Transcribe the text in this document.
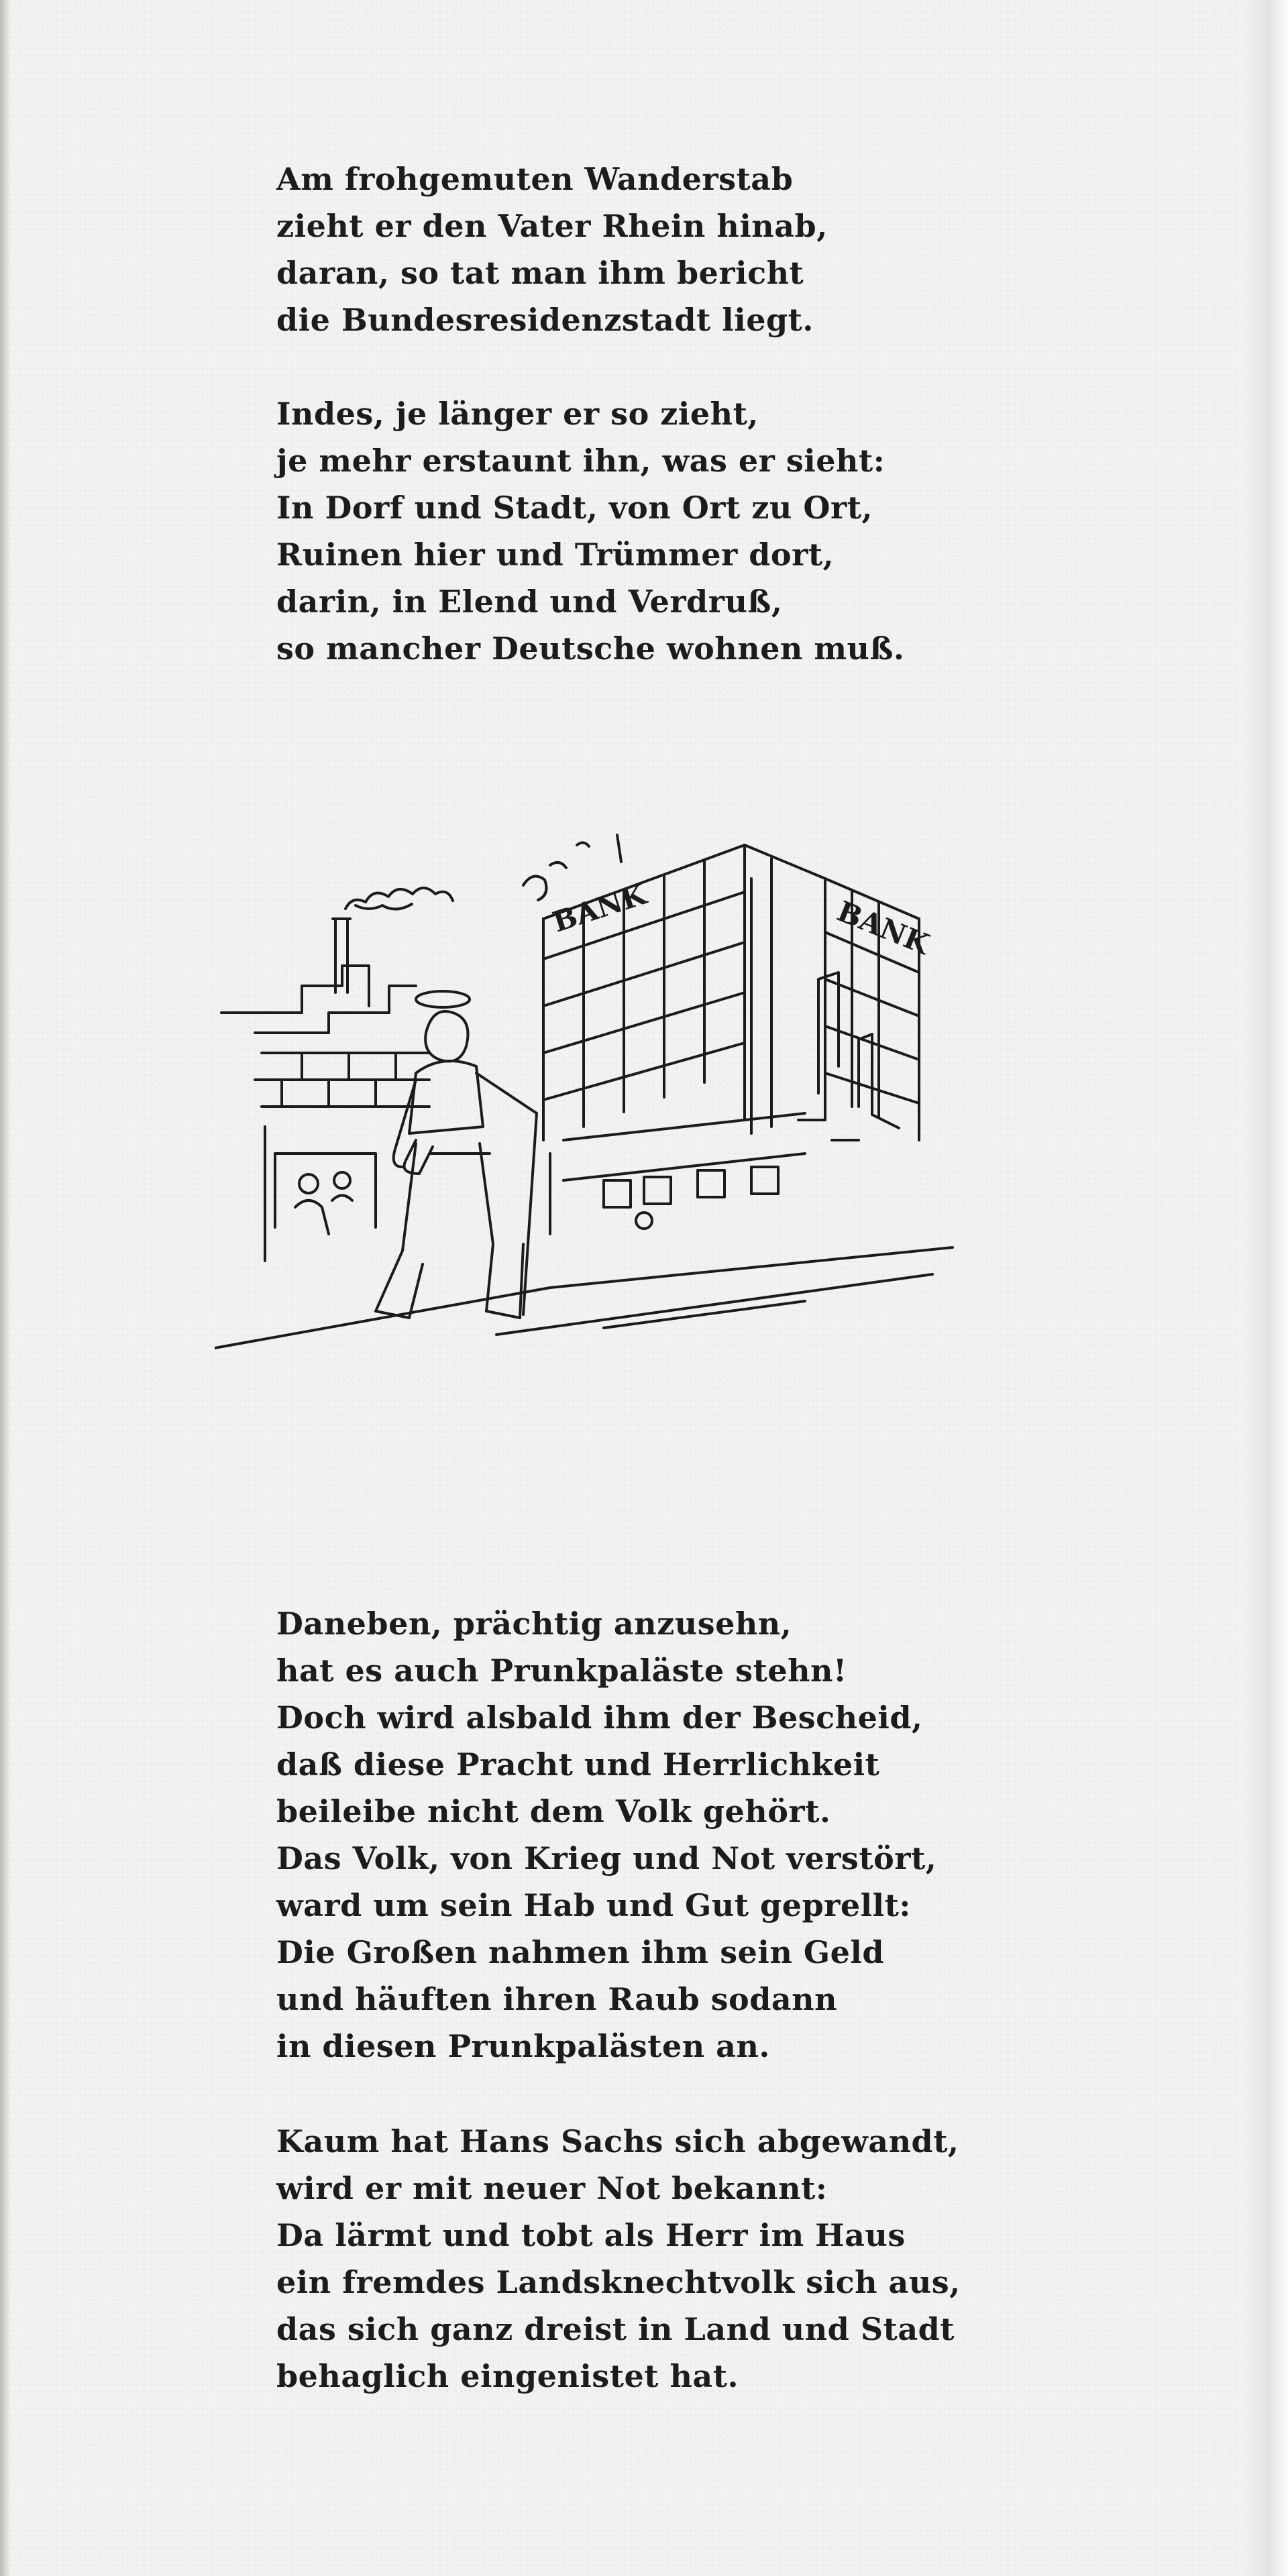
Am frohgemuten Wanderstab
zieht er den Vater Rhein hinab,
daran, so tat man ihm bericht
die Bundesresidenzstadt liegt.
Indes, je länger er so zieht,
je mehr erstaunt ihn, was er sieht:
In Dorf und Stadt, von Ort zu Ort,
Ruinen hier und Trümmer dort,
darin, in Elend und Verdruß,
so mancher Deutsche wohnen muß.
BANK	BANK
Daneben, prächtig anzusehn,
hat es auch Prunkpaläste stehn!
Doch wird alsbald ihm der Bescheid,
daß diese Pracht und Herrlichkeit
beileibe nicht dem Volk gehört.
Das Volk, von Krieg und Not verstört,
ward um sein Hab und Gut geprellt:
Die Großen nahmen ihm sein Geld
und häuften ihren Raub sodann
in diesen Prunkpalästen an.
Kaum hat Hans Sachs sich abgewandt,
wird er mit neuer Not bekannt:
Da lärmt und tobt als Herr im Haus
ein fremdes Landsknechtvolk sich aus,
das sich ganz dreist in Land und Stadt
behaglich eingenistet hat.
